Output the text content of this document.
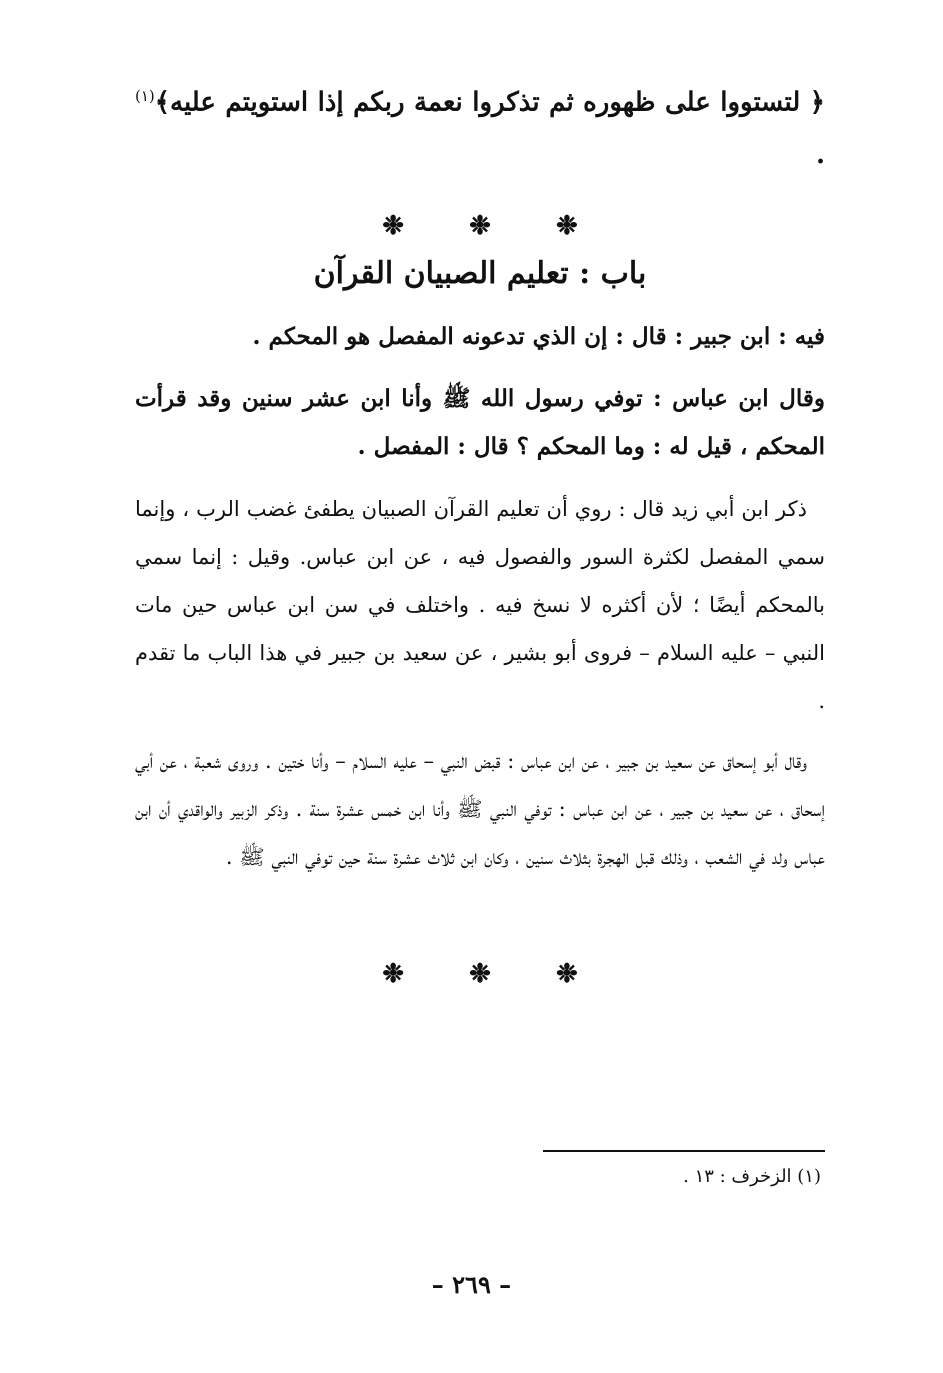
﴿ لتستووا على ظهوره ثم تذكروا نعمة ربكم إذا استويتم عليه﴾$^{(١)}$ .

❉	❉	❉
باب : تعليم الصبيان القرآن

فيه : ابن جبير : قال : إن الذي تدعونه المفصل هو المحكم .

وقال ابن عباس : توفي رسول الله ﷺ وأنا ابن عشر سنين وقد قرأت المحكم ، قيل له : وما المحكم ؟ قال : المفصل .

ذكر ابن أبي زيد قال : روي أن تعليم القرآن الصبيان يطفئ غضب الرب ، وإنما سمي المفصل لكثرة السور والفصول فيه ، عن ابن عباس. وقيل : إنما سمي بالمحكم أيضًا ؛ لأن أكثره لا نسخ فيه . واختلف في سن ابن عباس حين مات النبي – عليه السلام – فروى أبو بشير ، عن سعيد بن جبير في هذا الباب ما تقدم .

وقال أبو إسحاق عن سعيد بن جبير ، عن ابن عباس : قبض النبي – عليه السلام – وأنا ختين . وروى شعبة ، عن أبي إسحاق ، عن سعيد بن جبير ، عن ابن عباس : توفي النبي ﷺ وأنا ابن خمس عشرة سنة . وذكر الزبير والواقدي أن ابن عباس ولد في الشعب ، وذلك قبل الهجرة بثلاث سنين ، وكان ابن ثلاث عشرة سنة حين توفي النبي ﷺ .

❉	❉	❉
(١) الزخرف : ١٣ .
– ٢٦٩ –
